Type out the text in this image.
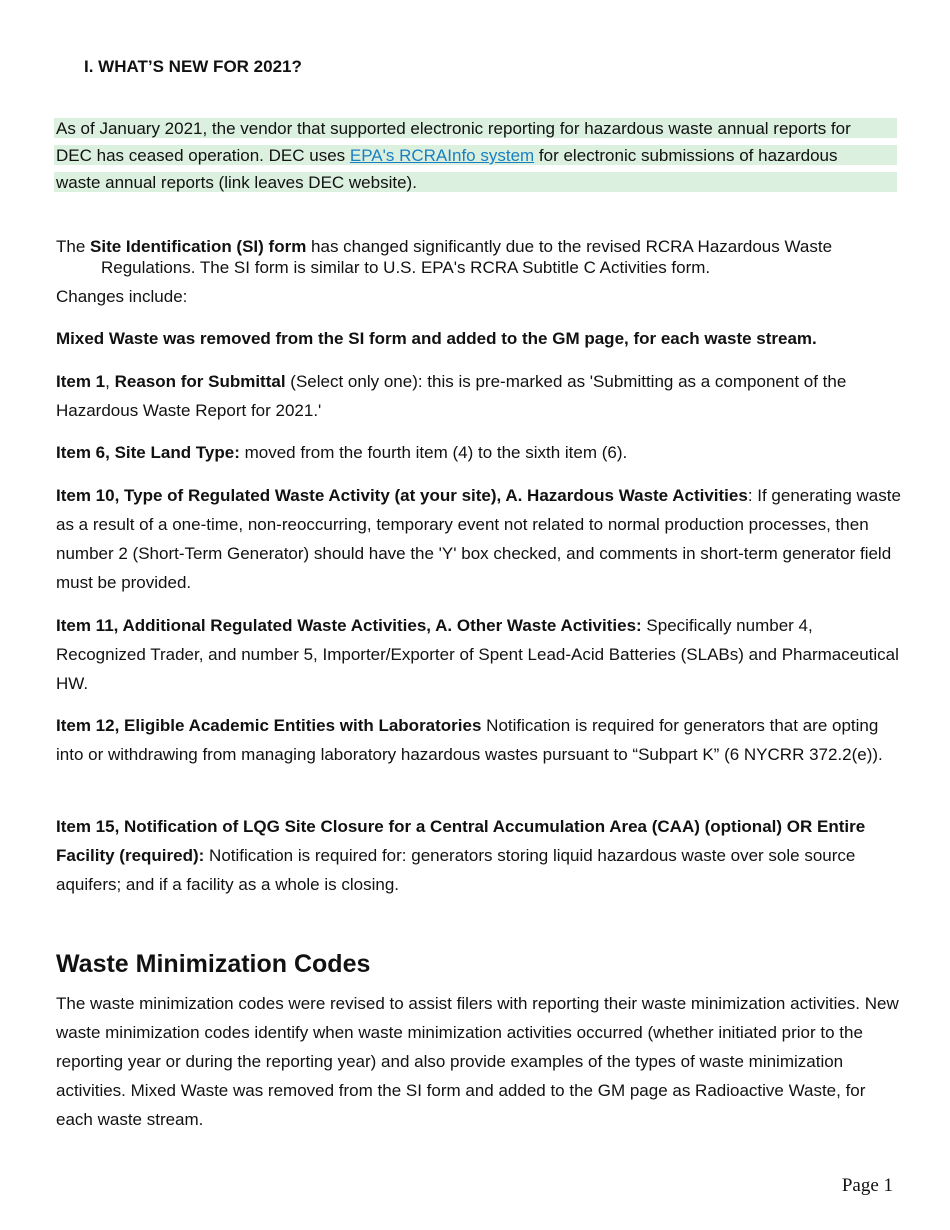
I. WHAT’S NEW FOR 2021?
As of January 2021, the vendor that supported electronic reporting for hazardous waste annual reports for
DEC has ceased operation. DEC uses EPA's RCRAInfo system for electronic submissions of hazardous
waste annual reports (link leaves DEC website).
The Site Identification (SI) form has changed significantly due to the revised RCRA Hazardous Waste
Regulations. The SI form is similar to U.S. EPA's RCRA Subtitle C Activities form.
Changes include:

Mixed Waste was removed from the SI form and added to the GM page, for each waste stream.

Item 1, Reason for Submittal (Select only one): this is pre-marked as 'Submitting as a component of the Hazardous Waste Report for 2021.'

Item 6, Site Land Type: moved from the fourth item (4) to the sixth item (6).

Item 10, Type of Regulated Waste Activity (at your site), A. Hazardous Waste Activities: If generating waste as a result of a one-time, non-reoccurring, temporary event not related to normal production processes, then number 2 (Short-Term Generator) should have the 'Y' box checked, and comments in short-term generator field must be provided.

Item 11, Additional Regulated Waste Activities, A. Other Waste Activities: Specifically number 4, Recognized Trader, and number 5, Importer/Exporter of Spent Lead-Acid Batteries (SLABs) and Pharmaceutical HW.

Item 12, Eligible Academic Entities with Laboratories Notification is required for generators that are opting into or withdrawing from managing laboratory hazardous wastes pursuant to “Subpart K” (6 NYCRR 372.2(e)).

Item 15, Notification of LQG Site Closure for a Central Accumulation Area (CAA) (optional) OR Entire Facility (required): Notification is required for: generators storing liquid hazardous waste over sole source aquifers; and if a facility as a whole is closing.

Waste Minimization Codes

The waste minimization codes were revised to assist filers with reporting their waste minimization activities. New waste minimization codes identify when waste minimization activities occurred (whether initiated prior to the reporting year or during the reporting year) and also provide examples of the types of waste minimization activities. Mixed Waste was removed from the SI form and added to the GM page as Radioactive Waste, for each waste stream.

Page 1
